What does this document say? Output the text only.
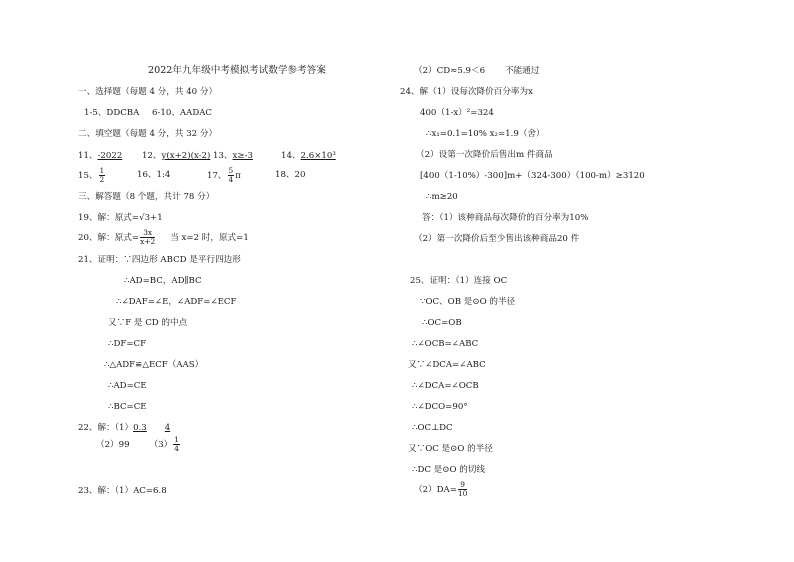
2022年九年级中考模拟考试数学参考答案
一、选择题（每题 4 分，共 40 分）
1-5、DDCBA 6-10、AADAC
二、填空题（每题 4 分，共 32 分）
11、-2022 12、y(x+2)(x-2) 13、x≥-3	14、2.6×10³
15、 $\frac{1}{2}$	16、1:4	17、 $\frac{5}{4}$ π	18、20
三、解答题（8 个题，共计 78 分）
19、解：原式=√3+1
20、解：原式= $\frac{3x}{x+2}$ 当 x=2 时，原式=1
21、证明：∵四边形 ABCD 是平行四边形
∴AD=BC，AD∥BC
∴∠DAF=∠E，∠ADF=∠ECF
又∵F 是 CD 的中点
∴DF=CF
∴△ADF≌△ECF（AAS）
∴AD=CE
∴BC=CE
22、解：（1）0.3 4
（2）99 $(3) \frac{1}{4}$
23、解：（1）AC=6.8
（2）CD≈5.9＜6 不能通过
24、解（1）设每次降价百分率为x
400（1-x）²=324
∴x₁=0.1=10% x₂=1.9（舍）
（2）设第一次降价后售出m 件商品
[400（1-10%）-300]m+（324-300）（100-m）≥3120
∴m≥20
答：（1）该种商品每次降价的百分率为10%
（2）第一次降价后至少售出该种商品20 件
25、证明：（1）连接 OC
∵OC、OB 是⊙O 的半径
∴OC=OB
∴∠OCB=∠ABC
又∵∠DCA=∠ABC
∴∠DCA=∠OCB
∴∠DCO=90°
∴OC⊥DC
又∵OC 是⊙O 的半径
∴DC 是⊙O 的切线
$(2)DA= \frac{9}{10}$
